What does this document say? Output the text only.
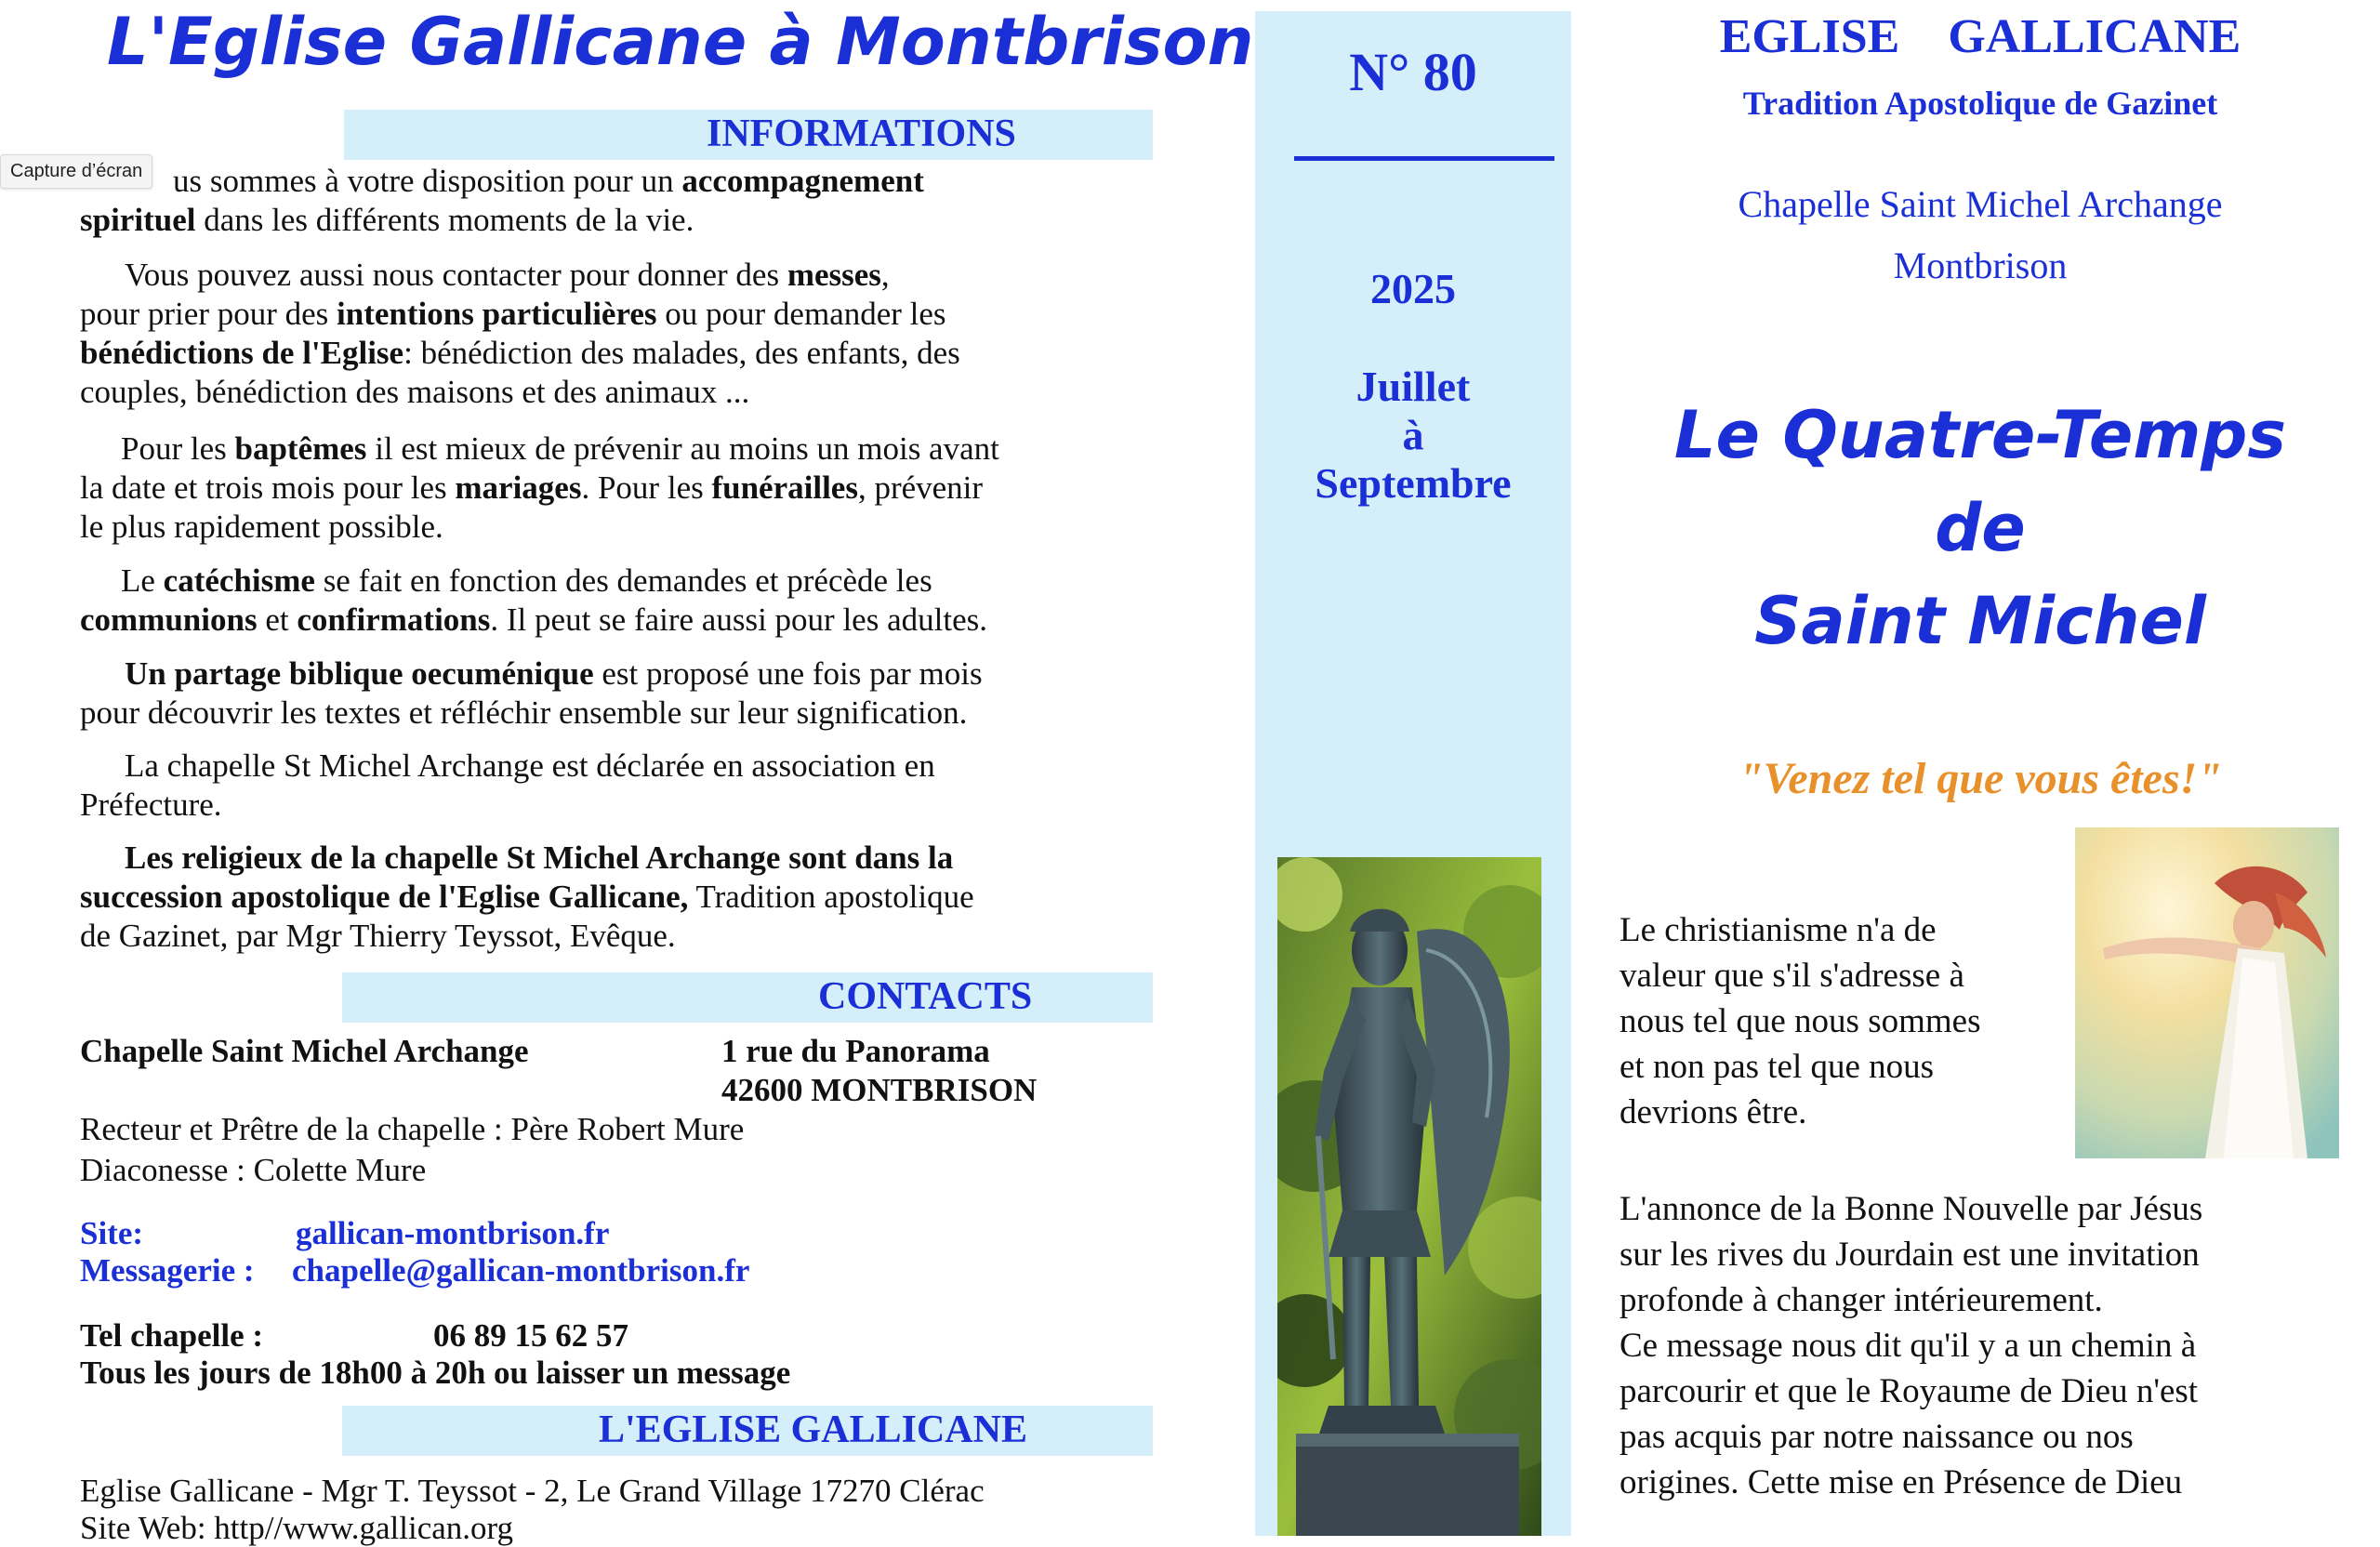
L'Eglise Gallicane à Montbrison
INFORMATIONS
Capture d’écran us sommes à votre disposition pour un accompagnement
spirituel dans les différents moments de la vie.
Vous pouvez aussi nous contacter pour donner des messes,
pour prier pour des intentions particulières ou pour demander les
bénédictions de l'Eglise: bénédiction des malades, des enfants, des
couples, bénédiction des maisons et des animaux ...
Pour les baptêmes il est mieux de prévenir au moins un mois avant
la date et trois mois pour les mariages. Pour les funérailles, prévenir
le plus rapidement possible.
Le catéchisme se fait en fonction des demandes et précède les
communions et confirmations. Il peut se faire aussi pour les adultes.
Un partage biblique oecuménique est proposé une fois par mois
pour découvrir les textes et réfléchir ensemble sur leur signification.
La chapelle St Michel Archange est déclarée en association en
Préfecture.
Les religieux de la chapelle St Michel Archange sont dans la
succession apostolique de l'Eglise Gallicane, Tradition apostolique
de Gazinet, par Mgr Thierry Teyssot, Evêque.
CONTACTS
Chapelle Saint Michel Archange	1 rue du Panorama
42600 MONTBRISON
Recteur et Prêtre de la chapelle : Père Robert Mure
Diaconesse : Colette Mure
Site:	gallican-montbrison.fr
Messagerie : chapelle@gallican-montbrison.fr
Tel chapelle :	06 89 15 62 57
Tous les jours de 18h00 à 20h ou laisser un message
L'EGLISE GALLICANE
Eglise Gallicane - Mgr T. Teyssot - 2, Le Grand Village 17270 Clérac
Site Web: http//www.gallican.org
N° 80
2025
Juillet
à
Septembre
EGLISE    GALLICANE
Tradition Apostolique de Gazinet
Chapelle Saint Michel Archange
Montbrison
Le Quatre-Temps
de
Saint Michel
"Venez tel que vous êtes!"
Le christianisme n'a de
valeur que s'il s'adresse à
nous tel que nous sommes
et non pas tel que nous
devrions être.
L'annonce de la Bonne Nouvelle par Jésus
sur les rives du Jourdain est une invitation
profonde à changer intérieurement.
Ce message nous dit qu'il y a un chemin à
parcourir et que le Royaume de Dieu n'est
pas acquis par notre naissance ou nos
origines. Cette mise en Présence de Dieu
